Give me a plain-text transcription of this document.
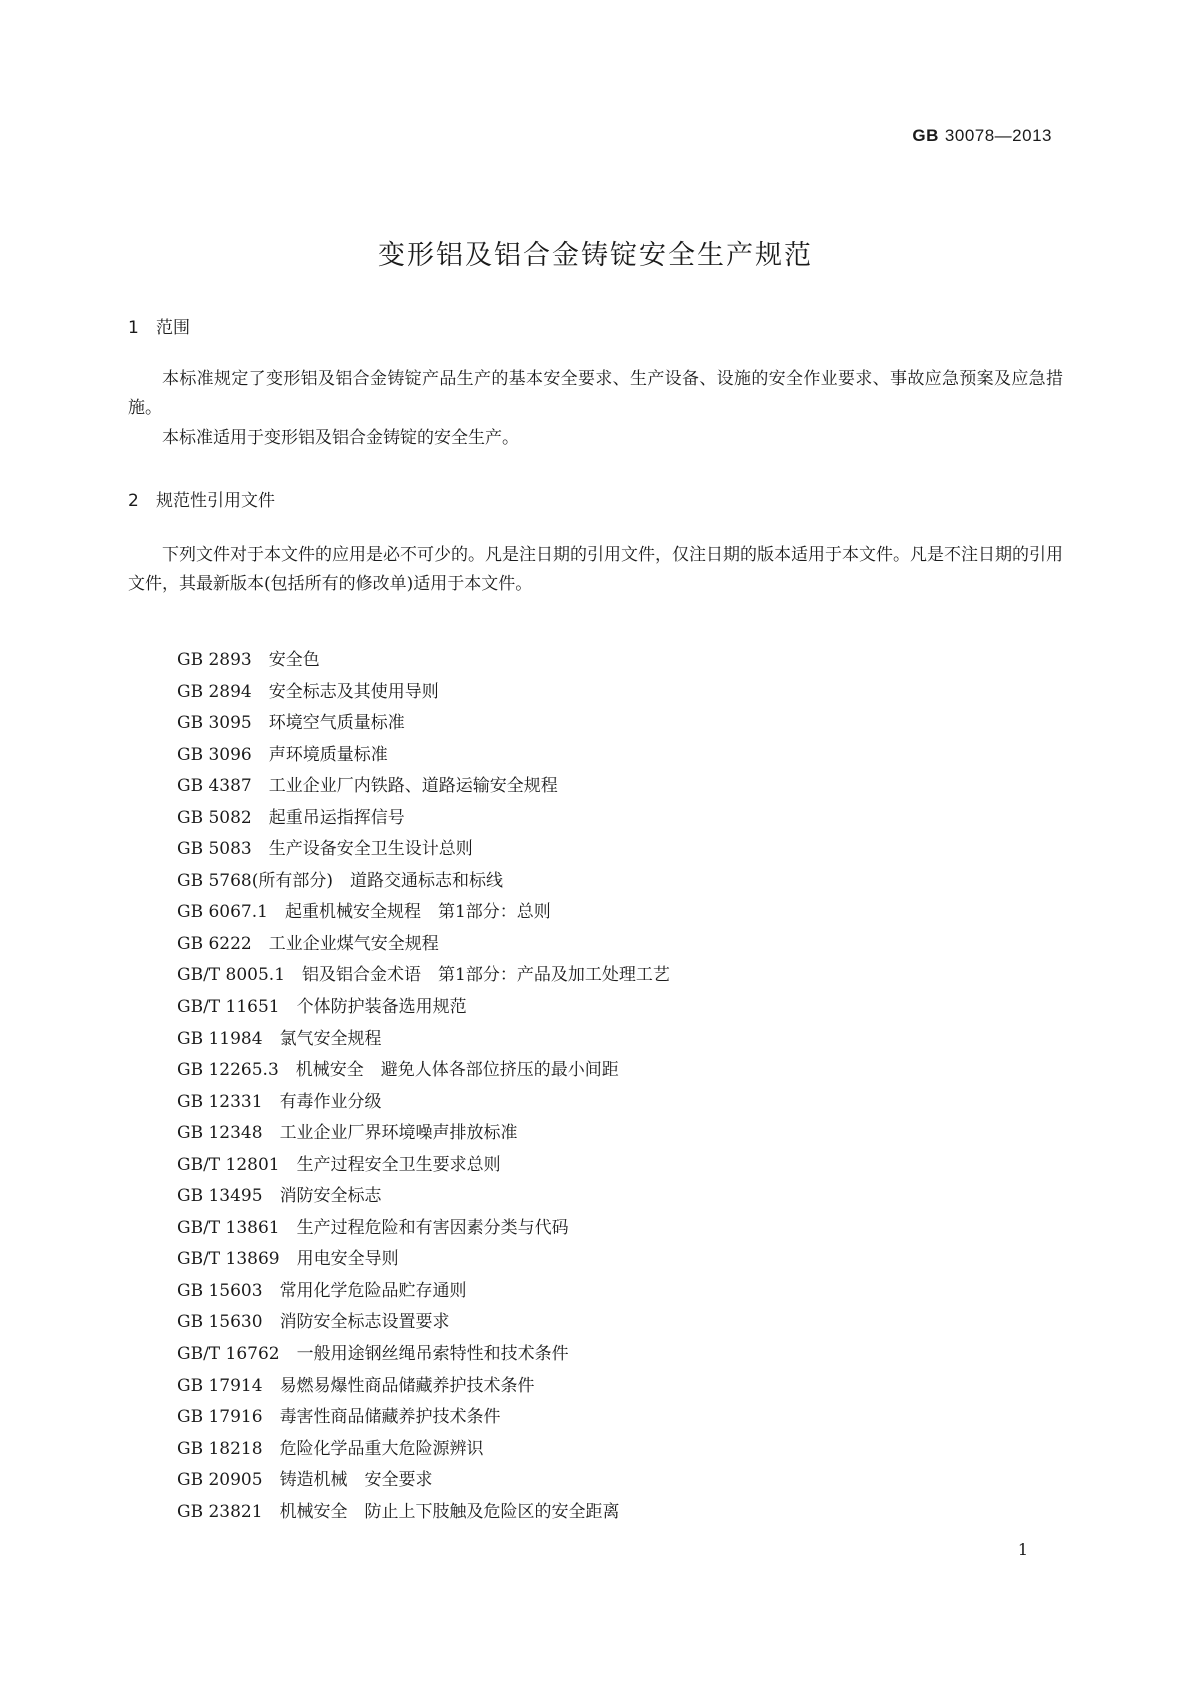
GB 30078—2013
变形铝及铝合金铸锭安全生产规范
1 范围

本标准规定了变形铝及铝合金铸锭产品生产的基本安全要求、生产设备、设施的安全作业要求、事故应急预案及应急措施。

本标准适用于变形铝及铝合金铸锭的安全生产。

2 规范性引用文件

下列文件对于本文件的应用是必不可少的。凡是注日期的引用文件，仅注日期的版本适用于本文件。凡是不注日期的引用文件，其最新版本(包括所有的修改单)适用于本文件。

GB 2893 安全色
GB 2894 安全标志及其使用导则
GB 3095 环境空气质量标准
GB 3096 声环境质量标准
GB 4387 工业企业厂内铁路、道路运输安全规程
GB 5082 起重吊运指挥信号
GB 5083 生产设备安全卫生设计总则
GB 5768(所有部分) 道路交通标志和标线
GB 6067.1 起重机械安全规程　第1部分：总则
GB 6222 工业企业煤气安全规程
GB/T 8005.1 铝及铝合金术语　第1部分：产品及加工处理工艺
GB/T 11651 个体防护装备选用规范
GB 11984 氯气安全规程
GB 12265.3 机械安全　避免人体各部位挤压的最小间距
GB 12331 有毒作业分级
GB 12348 工业企业厂界环境噪声排放标准
GB/T 12801 生产过程安全卫生要求总则
GB 13495 消防安全标志
GB/T 13861 生产过程危险和有害因素分类与代码
GB/T 13869 用电安全导则
GB 15603 常用化学危险品贮存通则
GB 15630 消防安全标志设置要求
GB/T 16762 一般用途钢丝绳吊索特性和技术条件
GB 17914 易燃易爆性商品储藏养护技术条件
GB 17916 毒害性商品储藏养护技术条件
GB 18218 危险化学品重大危险源辨识
GB 20905 铸造机械　安全要求
GB 23821 机械安全　防止上下肢触及危险区的安全距离
1
